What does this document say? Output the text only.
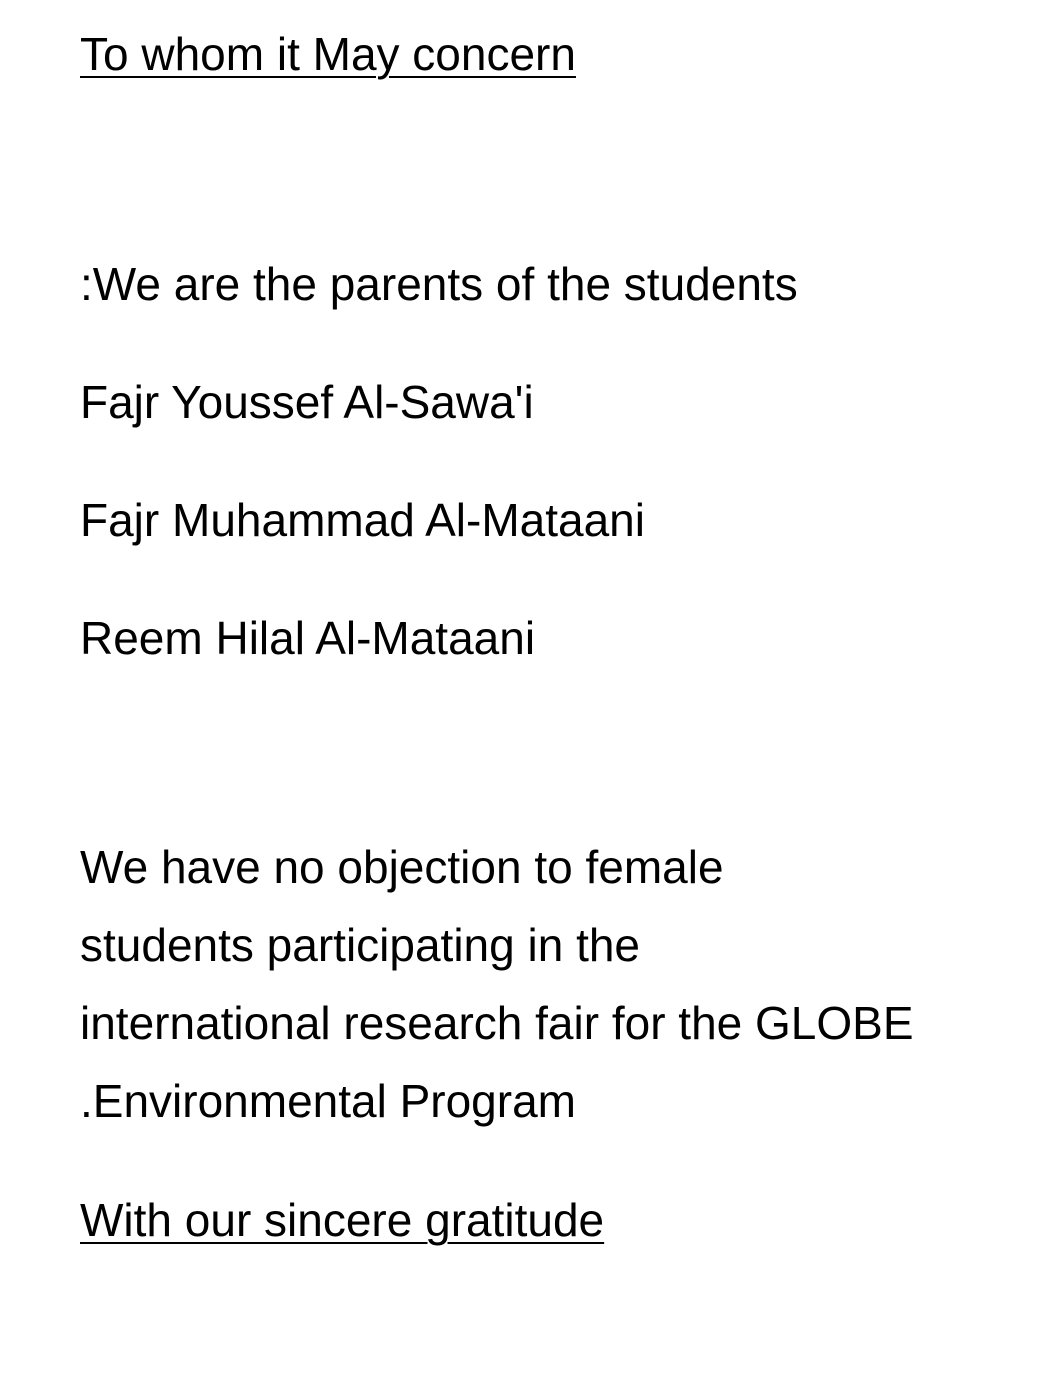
To whom it May concern

:We are the parents of the students

Fajr Youssef Al-Sawa'i

Fajr Muhammad Al-Mataani

Reem Hilal Al-Mataani

We have no objection to female
students participating in the
international research fair for the GLOBE
.Environmental Program

With our sincere gratitude
